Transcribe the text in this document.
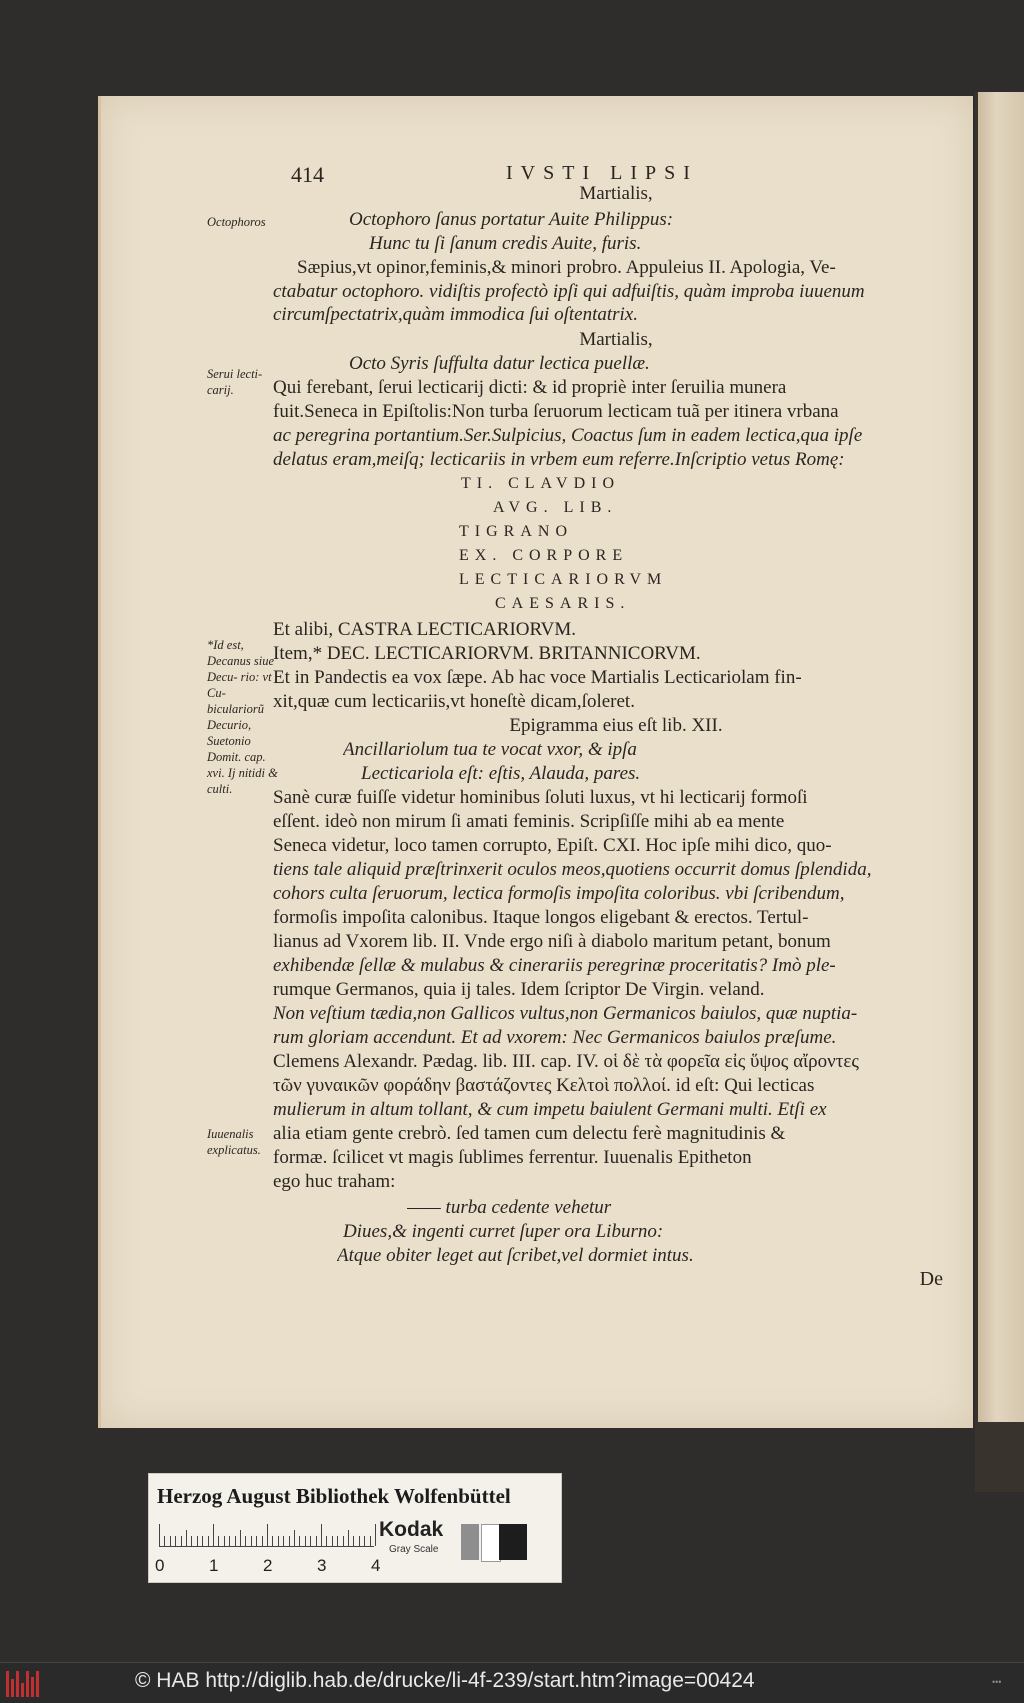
414	IVSTI LIPSI
Octophoros
Serui lecti- carij.
*Id est, Decanus siue Decu- rio: vt Cu- biculariorũ Decurio, Suetonio Domit. cap. xvi. Ij nitidi & culti.
Iuuenalis explicatus.
Martialis,
Octophoro ſanus portatur Auite Philippus:
Hunc tu ſi ſanum credis Auite, furis.
Sæpius,vt opinor,feminis,& minori probro. Appuleius II. Apologia, Ve-
ctabatur octophoro. vidiſtis profectò ipſi qui adfuiſtis, quàm improba iuuenum
circumſpectatrix,quàm immodica ſui oſtentatrix.
Martialis,
Octo Syris ſuffulta datur lectica puellæ.
Qui ferebant, ſerui lecticarij dicti: & id propriè inter ſeruilia munera
fuit.Seneca in Epiſtolis:Non turba ſeruorum lecticam tuã per itinera vrbana
ac peregrina portantium.Ser.Sulpicius, Coactus ſum in eadem lectica,qua ipſe
delatus eram,meiſq; lecticariis in vrbem eum referre.Inſcriptio vetus Romę:
TI. CLAVDIO
AVG. LIB.
TIGRANO
EX. CORPORE
LECTICARIORVM
CAESARIS.
Et alibi, CASTRA LECTICARIORVM.
Item,* DEC. LECTICARIORVM. BRITANNICORVM.
Et in Pandectis ea vox ſæpe. Ab hac voce Martialis Lecticariolam fin-
xit,quæ cum lecticariis,vt honeſtè dicam,ſoleret.
Epigramma eius eſt lib. XII.
Ancillariolum tua te vocat vxor, & ipſa
Lecticariola eſt: eſtis, Alauda, pares.
Sanè curæ fuiſſe videtur hominibus ſoluti luxus, vt hi lecticarij formoſi
eſſent. ideò non mirum ſi amati feminis. Scripſiſſe mihi ab ea mente
Seneca videtur, loco tamen corrupto, Epiſt. CXI. Hoc ipſe mihi dico, quo-
tiens tale aliquid præſtrinxerit oculos meos,quotiens occurrit domus ſplendida,
cohors culta ſeruorum, lectica formoſis impoſita coloribus. vbi ſcribendum,
formoſis impoſita calonibus. Itaque longos eligebant & erectos. Tertul-
lianus ad Vxorem lib. II. Vnde ergo niſi à diabolo maritum petant, bonum
exhibendæ ſellæ & mulabus & cinerariis peregrinæ proceritatis? Imò ple-
rumque Germanos, quia ij tales. Idem ſcriptor De Virgin. veland.
Non veſtium tædia,non Gallicos vultus,non Germanicos baiulos, quæ nuptia-
rum gloriam accendunt. Et ad vxorem: Nec Germanicos baiulos præſume.
Clemens Alexandr. Pædag. lib. III. cap. IV. οἱ δὲ τὰ φορεῖα εἰς ὕψος αἴροντες
τῶν γυναικῶν φοράδην βαστάζοντες Κελτοὶ πολλοί. id eſt: Qui lecticas
mulierum in altum tollant, & cum impetu baiulent Germani multi. Etſi ex
alia etiam gente crebrò. ſed tamen cum delectu ferè magnitudinis &
formæ. ſcilicet vt magis ſublimes ferrentur. Iuuenalis Epitheton
ego huc traham:
—— turba cedente vehetur
Diues,& ingenti curret ſuper ora Liburno:
Atque obiter leget aut ſcribet,vel dormiet intus.
De
Herzog August Bibliothek Wolfenbüttel
0	1	2	3	4
Kodak
Gray Scale
© HAB http://diglib.hab.de/drucke/li-4f-239/start.htm?image=00424	•••
